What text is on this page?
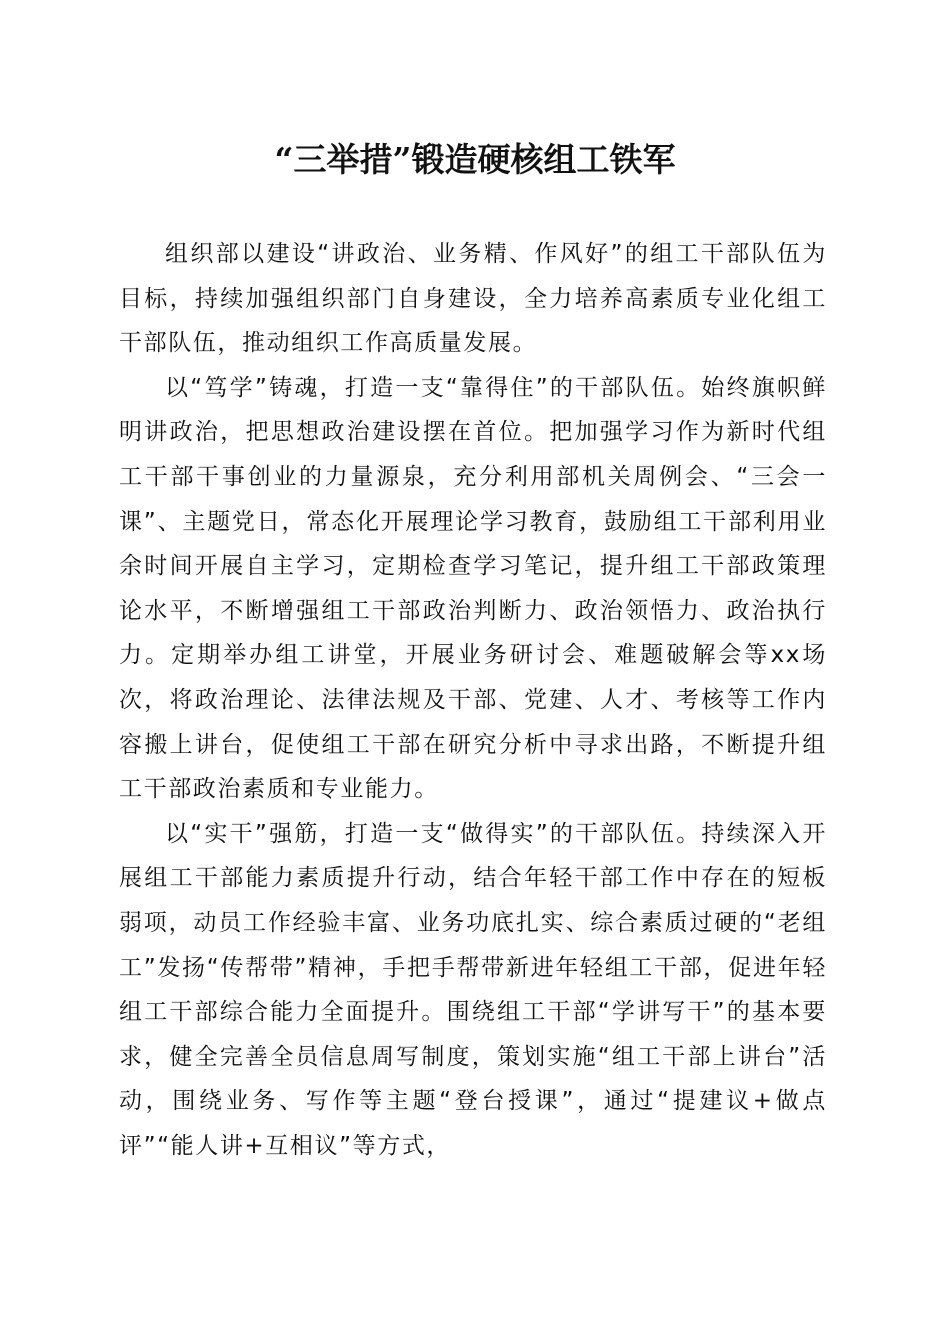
“三举措”锻造硬核组工铁军

组织部以建设“讲政治、业务精、作风好”的组工干部队伍为目标，持续加强组织部门自身建设，全力培养高素质专业化组工干部队伍，推动组织工作高质量发展。

以“笃学”铸魂，打造一支“靠得住”的干部队伍。始终旗帜鲜明讲政治，把思想政治建设摆在首位。把加强学习作为新时代组工干部干事创业的力量源泉，充分利用部机关周例会、“三会一课”、主题党日，常态化开展理论学习教育，鼓励组工干部利用业余时间开展自主学习，定期检查学习笔记，提升组工干部政策理论水平，不断增强组工干部政治判断力、政治领悟力、政治执行力。定期举办组工讲堂，开展业务研讨会、难题破解会等xx场次，将政治理论、法律法规及干部、党建、人才、考核等工作内容搬上讲台，促使组工干部在研究分析中寻求出路，不断提升组工干部政治素质和专业能力。

以“实干”强筋，打造一支“做得实”的干部队伍。持续深入开展组工干部能力素质提升行动，结合年轻干部工作中存在的短板弱项，动员工作经验丰富、业务功底扎实、综合素质过硬的“老组工”发扬“传帮带”精神，手把手帮带新进年轻组工干部，促进年轻组工干部综合能力全面提升。围绕组工干部“学讲写干”的基本要求，健全完善全员信息周写制度，策划实施“组工干部上讲台”活动，围绕业务、写作等主题“登台授课”，通过“提建议+做点评”“能人讲+互相议”等方式，
